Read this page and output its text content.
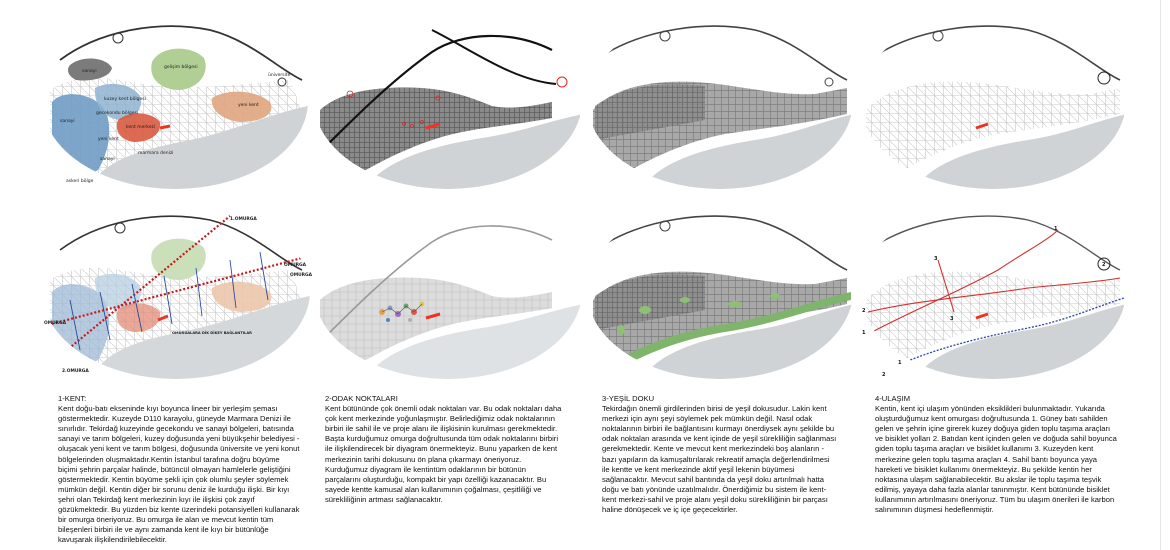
sanayi
gelişim bölgesi
üniversite
yeni kent
kuzey kent bölgesi
kent merkezi
marmara denizi
sanayi
gecekondu bölgesi
yeni kent
askeri bölge
sanayi
1.OMURGA
OMURGA
OMURGA
OMURGALARA DİK DİKEY BAĞLANTILAR
2.OMURGA
OMURGA
1
2
3
1
2
3
1
2
1-KENT:
Kent doğu-batı ekseninde kıyı boyunca lineer bir yerleşim şeması göstermektedir. Kuzeyde D110 karayolu, güneyde Marmara Denizi ile sınırlıdır. Tekirdağ kuzeyinde gecekondu ve sanayi bölgeleri, batısında sanayi ve tarım bölgeleri, kuzey doğusunda yeni büyükşehir belediyesi - oluşacak yeni kent ve tarım bölgesi, doğusunda üniversite ve yeni konut bölgelerinden oluşmaktadır.Kentin İstanbul tarafına doğru büyüme biçimi şehrin parçalar halinde, bütüncül olmayan hamlelerle geliştiğini göstermektedir. Kentin büyüme şekli için çok olumlu şeyler söylemek mümkün değil. Kentin diğer bir sorunu deniz ile kurduğu ilişki. Bir kıyı şehri olan Tekirdağ kent merkezinin kıyı ile ilişkisi çok zayıf gözükmektedir. Bu yüzden biz kente üzerindeki potansiyelleri kullanarak bir omurga öneriyoruz. Bu omurga ile alan ve mevcut kentin tüm bileşenleri birbiri ile ve aynı zamanda kent ile kıyı bir bütünlüğe kavuşarak ilişkilendirilebilecektir.
2-ODAK NOKTALARI
Kent bütününde çok önemli odak noktaları var. Bu odak noktaları daha çok kent merkezinde yoğunlaşmıştır. Belirlediğimiz odak noktalarının birbiri ile sahil ile ve proje alanı ile ilişkisinin kurulması gerekmektedir. Başta kurduğumuz omurga doğrultusunda tüm odak noktalarını birbiri ile ilişkilendirecek bir diyagram önermekteyiz. Bunu yaparken de kent merkezinin tarihi dokusunu ön plana çıkarmayı öneriyoruz. Kurduğumuz diyagram ile kentintüm odaklarının bir bütünün parçalarını oluşturduğu, kompakt bir yapı özelliği kazanacaktır. Bu sayede kentte kamusal alan kullanımının çoğalması, çeşitliliği ve sürekliliğinin artması sağlanacaktır.
3-YEŞİL DOKU
Tekirdağın önemli girdilerinden birisi de yeşil dokusudur. Lakin kent merkezi için aynı şeyi söylemek pek mümkün değil. Nasıl odak noktalarının birbiri ile bağlantısını kurmayı önerdiysek aynı şekilde bu odak noktaları arasında ve kent içinde de yeşil sürekliliğin sağlanması gerekmektedir. Kente ve mevcut kent merkezindeki boş alanların -bazı yapıların da kamuşaltırılarak rekreatif amaçla değerlendirilmesi ile kentte ve kent merkezinde aktif yeşil lekenin büyümesi sağlanacaktır. Mevcut sahil bantında da yeşil doku artırılmalı hatta doğu ve batı yönünde uzatılmalıdır. Önerdiğimiz bu sistem ile kent-kent merkezi-sahil ve proje alanı yeşil doku sürekliliğinin bir parçası haline dönüşecek ve iç içe geçecektirler.
4-ULAŞIM
Kentin, kent içi ulaşım yönünden eksiklikleri bulunmaktadır. Yukarıda oluşturduğumuz kent omurgası doğrultusunda 1. Güney batı sahilden gelen ve şehrin içine girerek kuzey doğuya giden toplu taşıma araçları ve bisiklet yolları 2. Batıdan kent içinden gelen ve doğuda sahil boyunca giden toplu taşıma araçları ve bisiklet kullanımı 3. Kuzeyden kent merkezine gelen toplu taşıma araçları 4. Sahil bantı boyunca yaya hareketi ve bisiklet kullanımı önermekteyiz. Bu şekilde kentin her noktasına ulaşım sağlanabilecektir. Bu akslar ile toplu taşıma teşvik edilmiş, yayaya daha fazla alanlar tanınmıştır. Kent bütününde bisiklet kullanımının artırılmasını öneriyoruz. Tüm bu ulaşım önerileri ile karbon salınımının düşmesi hedeflenmiştir.
